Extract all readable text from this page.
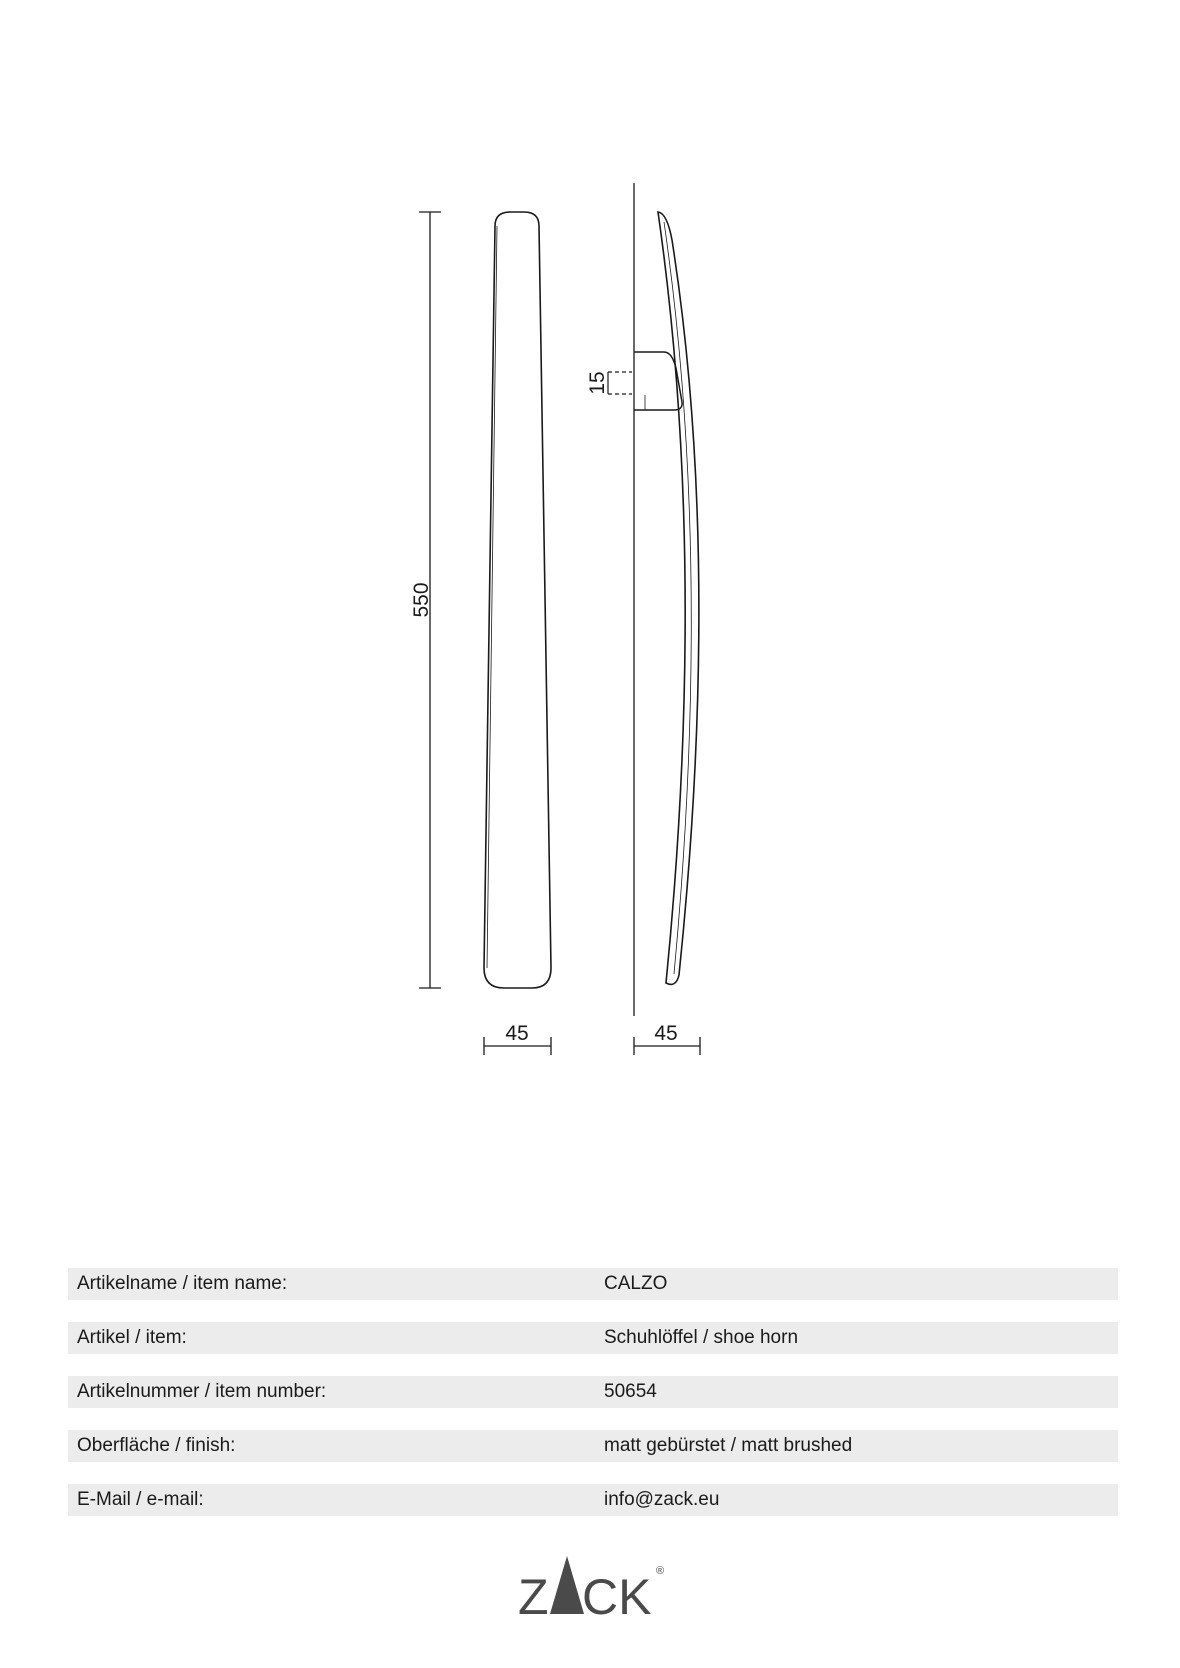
550
45
15
45
Artikelname / item name:	CALZO
Artikel / item:	Schuhlöffel / shoe horn
Artikelnummer / item number:	50654
Oberfläche / finish:	matt gebürstet / matt brushed
E-Mail / e-mail:	info@zack.eu
Z CK ®
